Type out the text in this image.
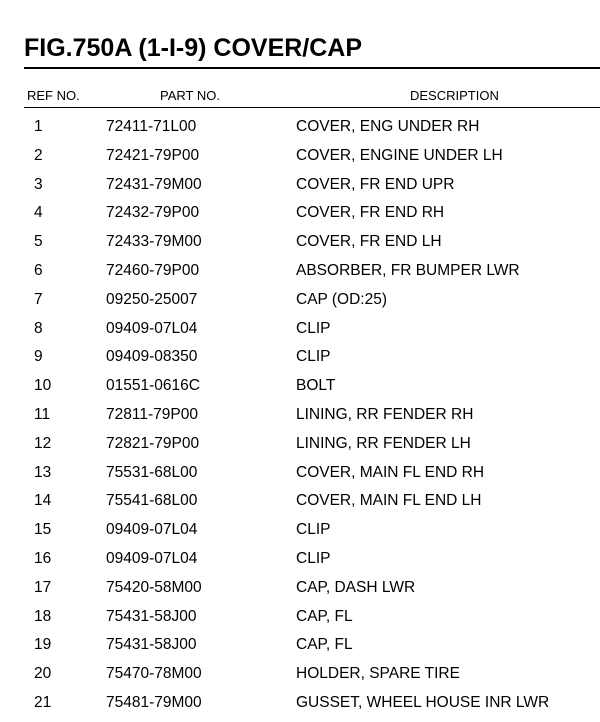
FIG.750A (1-I-9) COVER/CAP
REF NO.	PART NO.	DESCRIPTION
1	72411-71L00	COVER, ENG UNDER RH
2	72421-79P00	COVER, ENGINE UNDER LH
3	72431-79M00	COVER, FR END UPR
4	72432-79P00	COVER, FR END RH
5	72433-79M00	COVER, FR END LH
6	72460-79P00	ABSORBER, FR BUMPER LWR
7	09250-25007	CAP (OD:25)
8	09409-07L04	CLIP
9	09409-08350	CLIP
10	01551-0616C	BOLT
11	72811-79P00	LINING, RR FENDER RH
12	72821-79P00	LINING, RR FENDER LH
13	75531-68L00	COVER, MAIN FL END RH
14	75541-68L00	COVER, MAIN FL END LH
15	09409-07L04	CLIP
16	09409-07L04	CLIP
17	75420-58M00	CAP, DASH LWR
18	75431-58J00	CAP, FL
19	75431-58J00	CAP, FL
20	75470-78M00	HOLDER, SPARE TIRE
21	75481-79M00	GUSSET, WHEEL HOUSE INR LWR
